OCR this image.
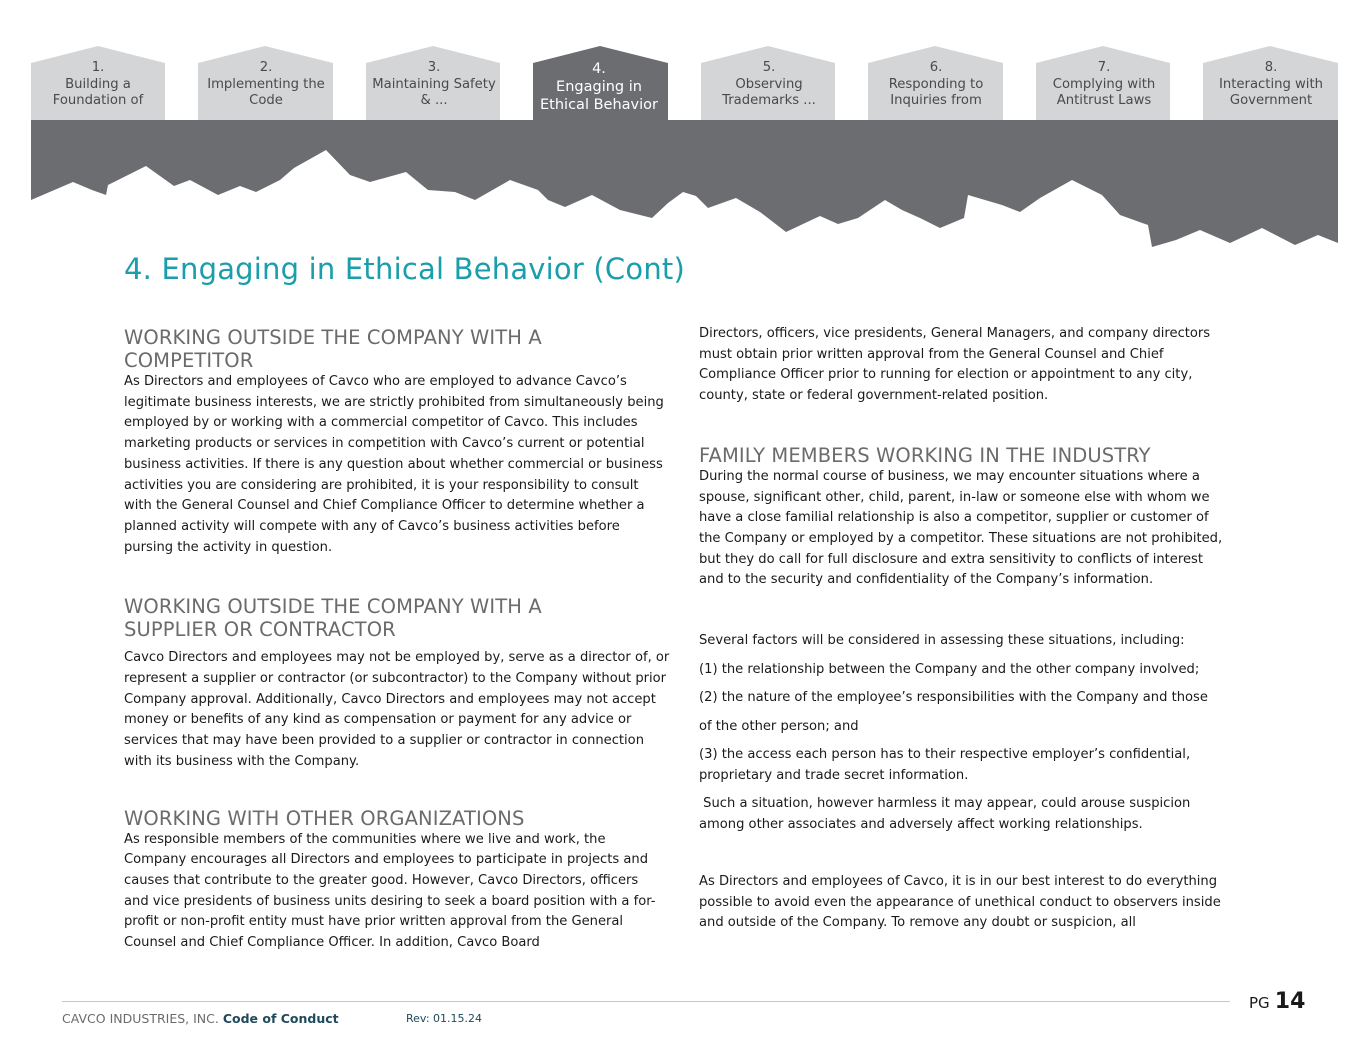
1.
Building a Foundation of
2.
Implementing the Code
3.
Maintaining Safety & ...
4.
Engaging in Ethical Behavior
5.
Observing Trademarks ...
6.
Responding to Inquiries from
7.
Complying with Antitrust Laws
8.
Interacting with Government
4. Engaging in Ethical Behavior (Cont)
WORKING OUTSIDE THE COMPANY WITH A COMPETITOR

As Directors and employees of Cavco who are employed to advance Cavco’s legitimate business interests, we are strictly prohibited from simultaneously being employed by or working with a commercial competitor of Cavco. This includes marketing products or services in competition with Cavco’s current or potential business activities. If there is any question about whether commercial or business activities you are considering are prohibited, it is your responsibility to consult with the General Counsel and Chief Compliance Officer to determine whether a planned activity will compete with any of Cavco’s business activities before pursing the activity in question.

WORKING OUTSIDE THE COMPANY WITH A SUPPLIER OR CONTRACTOR

Cavco Directors and employees may not be employed by, serve as a director of, or represent a supplier or contractor (or subcontractor) to the Company without prior Company approval. Additionally, Cavco Directors and employees may not accept money or benefits of any kind as compensation or payment for any advice or services that may have been provided to a supplier or contractor in connection with its business with the Company.

WORKING WITH OTHER ORGANIZATIONS

As responsible members of the communities where we live and work, the Company encourages all Directors and employees to participate in projects and causes that contribute to the greater good. However, Cavco Directors, officers and vice presidents of business units desiring to seek a board position with a for-profit or non-profit entity must have prior written approval from the General Counsel and Chief Compliance Officer. In addition, Cavco Board

Directors, officers, vice presidents, General Managers, and company directors must obtain prior written approval from the General Counsel and Chief Compliance Officer prior to running for election or appointment to any city, county, state or federal government-related position.

FAMILY MEMBERS WORKING IN THE INDUSTRY

During the normal course of business, we may encounter situations where a spouse, significant other, child, parent, in-law or someone else with whom we have a close familial relationship is also a competitor, supplier or customer of the Company or employed by a competitor. These situations are not prohibited, but they do call for full disclosure and extra sensitivity to conflicts of interest and to the security and confidentiality of the Company’s information.

Several factors will be considered in assessing these situations, including:

(1) the relationship between the Company and the other company involved;

(2) the nature of the employee’s responsibilities with the Company and those

of the other person; and

(3) the access each person has to their respective employer’s confidential, proprietary and trade secret information.

Such a situation, however harmless it may appear, could arouse suspicion among other associates and adversely affect working relationships.

As Directors and employees of Cavco, it is in our best interest to do everything possible to avoid even the appearance of unethical conduct to observers inside and outside of the Company. To remove any doubt or suspicion, all

CAVCO INDUSTRIES, INC. Code of Conduct	Rev: 01.15.24
PG 14
